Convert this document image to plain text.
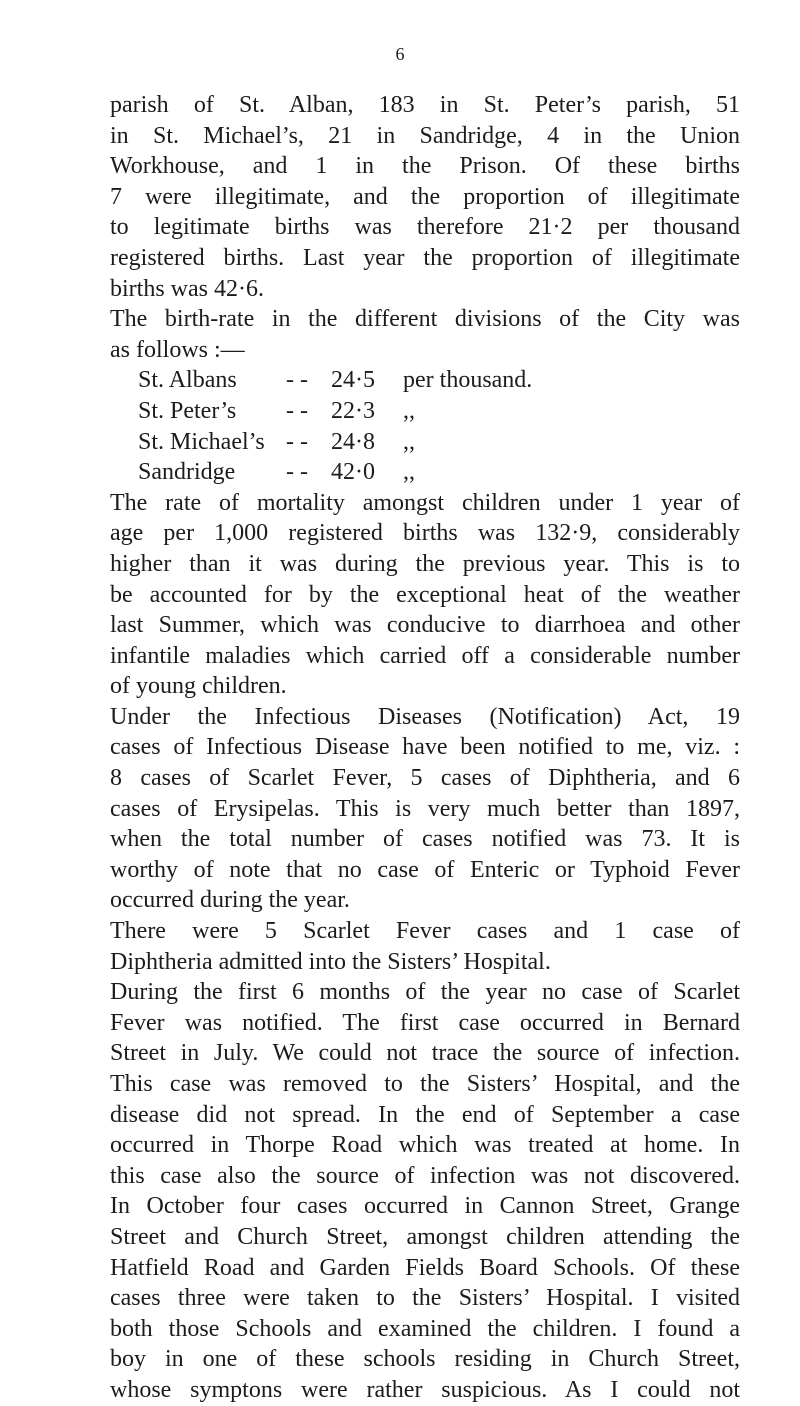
6
parish of St. Alban, 183 in St. Peter’s parish, 51
in St. Michael’s, 21 in Sandridge, 4 in the Union
Workhouse, and 1 in the Prison. Of these births
7 were illegitimate, and the proportion of illegitimate
to legitimate births was therefore 21·2 per thousand
registered births. Last year the proportion of illegitimate
births was 42·6.
The birth-rate in the different divisions of the City was
as follows :—
St. Albans	- - 24·5	per thousand.
St. Peter’s	- - 22·3	,,
St. Michael’s - - 24·8	,,
Sandridge	- - 42·0	,,
The rate of mortality amongst children under 1 year of
age per 1,000 registered births was 132·9, considerably
higher than it was during the previous year. This is to
be accounted for by the exceptional heat of the weather
last Summer, which was conducive to diarrhoea and other
infantile maladies which carried off a considerable number
of young children.
Under the Infectious Diseases (Notification) Act, 19
cases of Infectious Disease have been notified to me, viz. :
8 cases of Scarlet Fever, 5 cases of Diphtheria, and 6
cases of Erysipelas. This is very much better than 1897,
when the total number of cases notified was 73. It is
worthy of note that no case of Enteric or Typhoid Fever
occurred during the year.
There were 5 Scarlet Fever cases and 1 case of
Diphtheria admitted into the Sisters’ Hospital.
During the first 6 months of the year no case of Scarlet
Fever was notified. The first case occurred in Bernard
Street in July. We could not trace the source of infection.
This case was removed to the Sisters’ Hospital, and the
disease did not spread. In the end of September a case
occurred in Thorpe Road which was treated at home. In
this case also the source of infection was not discovered.
In October four cases occurred in Cannon Street, Grange
Street and Church Street, amongst children attending the
Hatfield Road and Garden Fields Board Schools. Of these
cases three were taken to the Sisters’ Hospital. I visited
both those Schools and examined the children. I found a
boy in one of these schools residing in Church Street,
whose symptons were rather suspicious. As I could not
